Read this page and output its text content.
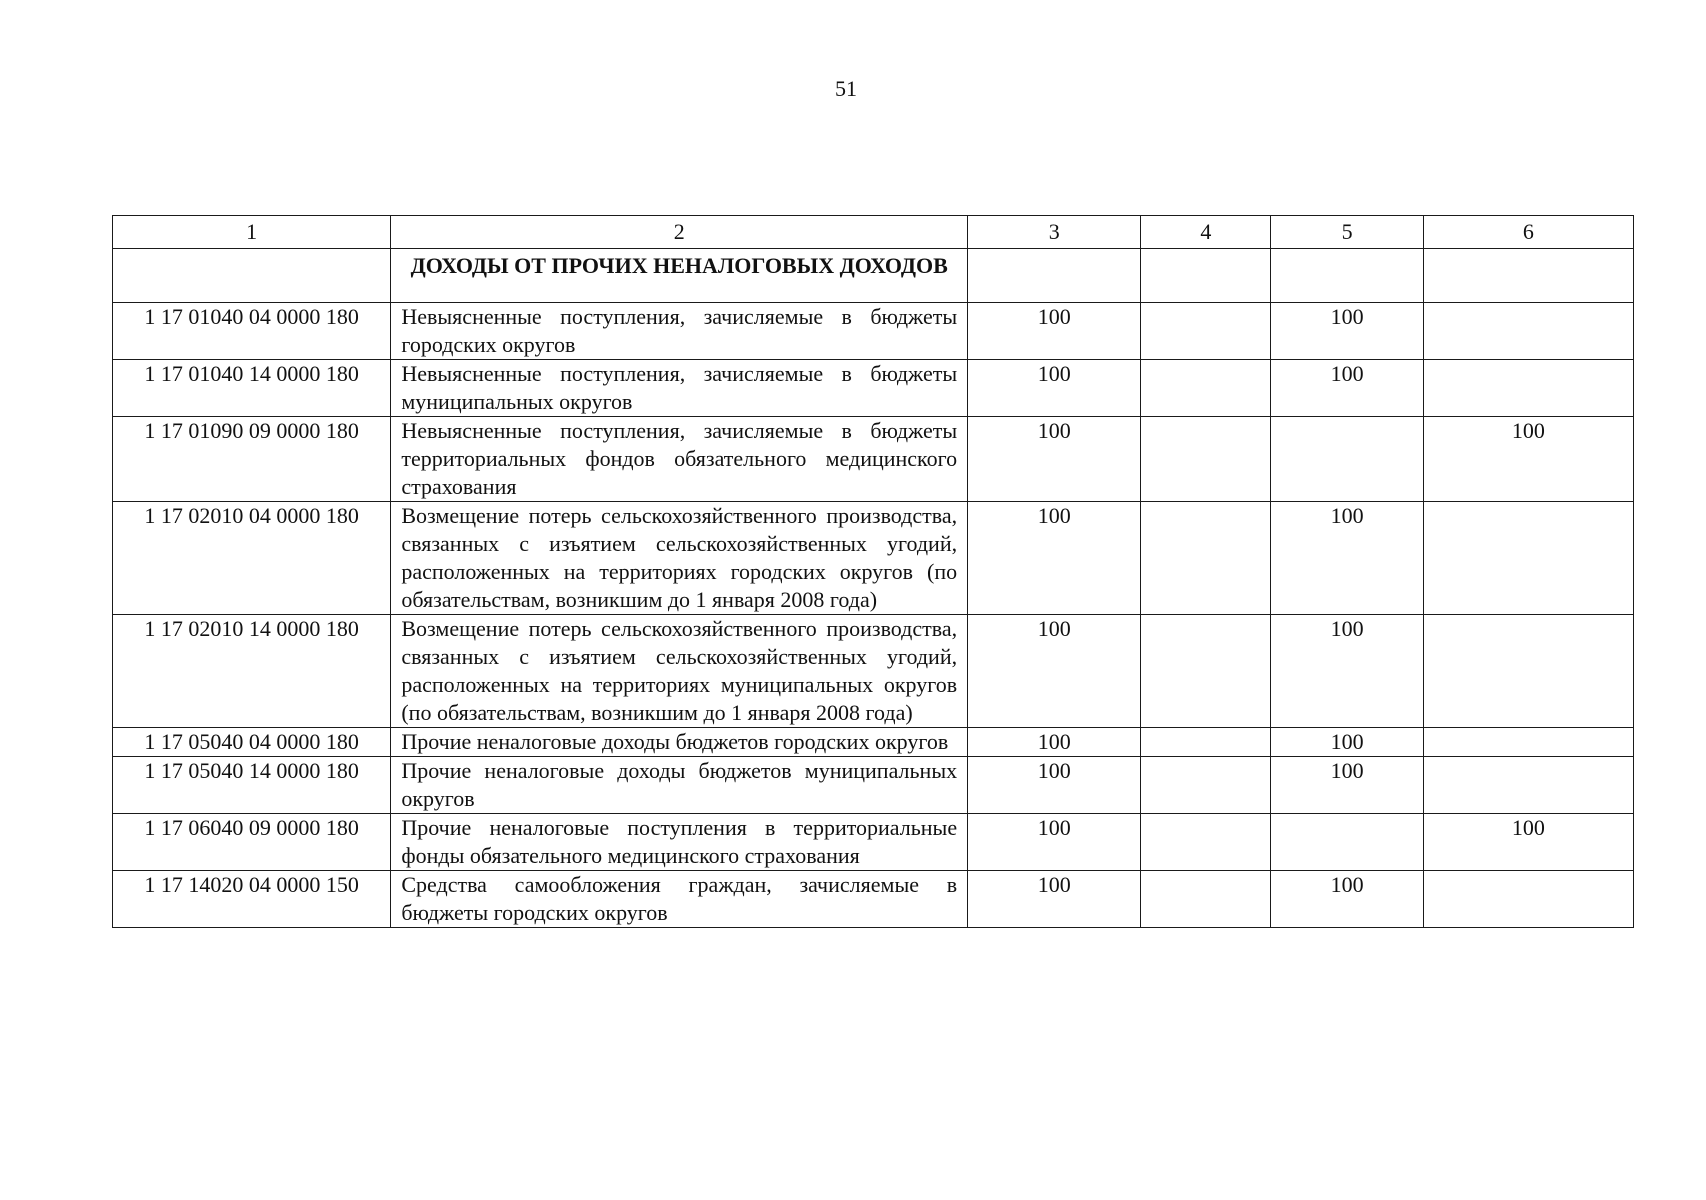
51
1	2	3	4	5	6
	ДОХОДЫ ОТ ПРОЧИХ НЕНАЛОГОВЫХ ДОХОДОВ				
1 17 01040 04 0000 180	Невыясненные поступления, зачисляемые в бюджеты городских округов	100		100	
1 17 01040 14 0000 180	Невыясненные поступления, зачисляемые в бюджеты муниципальных округов	100		100	
1 17 01090 09 0000 180	Невыясненные поступления, зачисляемые в бюджеты территориальных фондов обязательного медицинского страхования	100			100
1 17 02010 04 0000 180	Возмещение потерь сельскохозяйственного производства, связанных с изъятием сельскохозяйственных угодий, расположенных на территориях городских округов (по обязательствам, возникшим до 1 января 2008 года)	100		100	
1 17 02010 14 0000 180	Возмещение потерь сельскохозяйственного производства, связанных с изъятием сельскохозяйственных угодий, расположенных на территориях муниципальных округов (по обязательствам, возникшим до 1 января 2008 года)	100		100	
1 17 05040 04 0000 180	Прочие неналоговые доходы бюджетов городских округов	100		100	
1 17 05040 14 0000 180	Прочие неналоговые доходы бюджетов муниципальных округов	100		100	
1 17 06040 09 0000 180	Прочие неналоговые поступления в территориальные фонды обязательного медицинского страхования	100			100
1 17 14020 04 0000 150	Средства самообложения граждан, зачисляемые в бюджеты городских округов	100		100	
